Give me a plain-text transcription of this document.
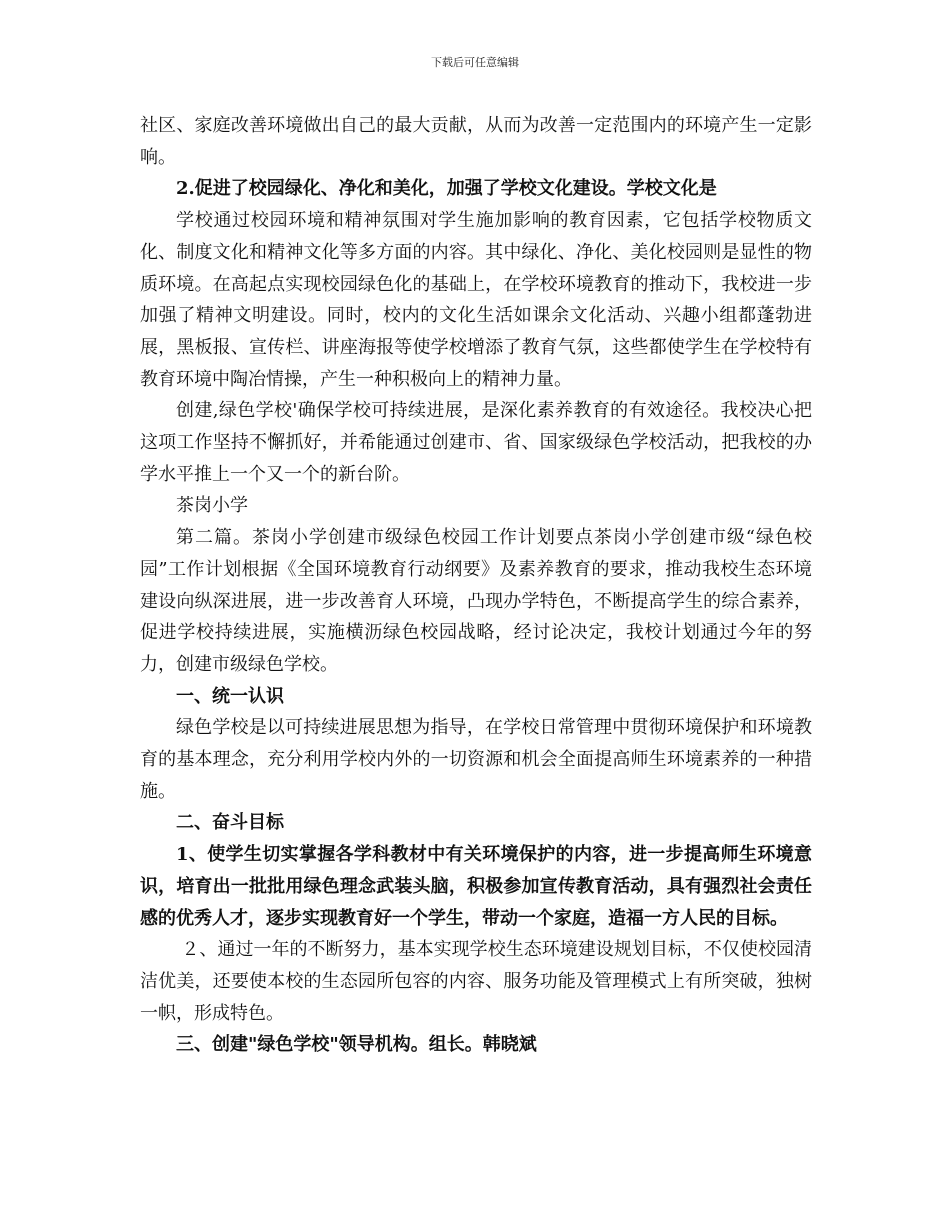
下载后可任意编辑

社区、家庭改善环境做出自己的最大贡献，从而为改善一定范围内的环境产生一定影响。

2.促进了校园绿化、净化和美化，加强了学校文化建设。学校文化是

学校通过校园环境和精神氛围对学生施加影响的教育因素，它包括学校物质文化、制度文化和精神文化等多方面的内容。其中绿化、净化、美化校园则是显性的物质环境。在高起点实现校园绿色化的基础上，在学校环境教育的推动下，我校进一步加强了精神文明建设。同时，校内的文化生活如课余文化活动、兴趣小组都蓬勃进展，黑板报、宣传栏、讲座海报等使学校增添了教育气氛，这些都使学生在学校特有教育环境中陶冶情操，产生一种积极向上的精神力量。

创建,绿色学校'确保学校可持续进展，是深化素养教育的有效途径。我校决心把这项工作坚持不懈抓好，并希能通过创建市、省、国家级绿色学校活动，把我校的办学水平推上一个又一个的新台阶。

茶岗小学

第二篇。茶岗小学创建市级绿色校园工作计划要点茶岗小学创建市级“绿色校园”工作计划根据《全国环境教育行动纲要》及素养教育的要求，推动我校生态环境建设向纵深进展，进一步改善育人环境，凸现办学特色，不断提高学生的综合素养，促进学校持续进展，实施横沥绿色校园战略，经讨论决定，我校计划通过今年的努力，创建市级绿色学校。

一、统一认识

绿色学校是以可持续进展思想为指导，在学校日常管理中贯彻环境保护和环境教育的基本理念，充分利用学校内外的一切资源和机会全面提高师生环境素养的一种措施。

二、奋斗目标

1、使学生切实掌握各学科教材中有关环境保护的内容，进一步提高师生环境意识，培育出一批批用绿色理念武装头脑，积极参加宣传教育活动，具有强烈社会责任感的优秀人才，逐步实现教育好一个学生，带动一个家庭，造福一方人民的目标。

２、通过一年的不断努力，基本实现学校生态环境建设规划目标，不仅使校园清洁优美，还要使本校的生态园所包容的内容、服务功能及管理模式上有所突破，独树一帜，形成特色。

三、创建"绿色学校"领导机构。组长。韩晓斌
